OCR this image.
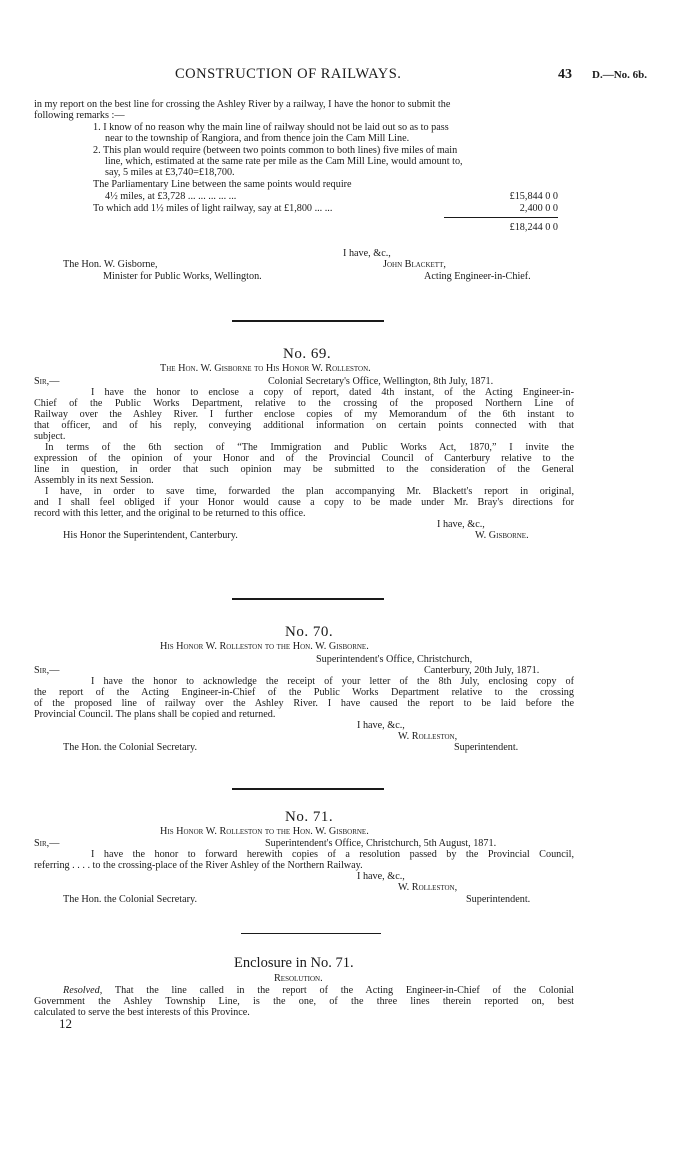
CONSTRUCTION OF RAILWAYS.	43 D.—No. 6b.
in my report on the best line for crossing the Ashley River by a railway, I have the honor to submit the
following remarks :—
1. I know of no reason why the main line of railway should not be laid out so as to pass
near to the township of Rangiora, and from thence join the Cam Mill Line.
2. This plan would require (between two points common to both lines) five miles of main
line, which, estimated at the same rate per mile as the Cam Mill Line, would amount to,
say, 5 miles at £3,740=£18,700.
The Parliamentary Line between the same points would require
4½ miles, at £3,728 ... ... ... ... ...	£15,844 0 0
To which add 1½ miles of light railway, say at £1,800 ... ...	2,400 0 0
£18,244 0 0
I have, &c.,
John Blackett,
Acting Engineer-in-Chief.
The Hon. W. Gisborne,
Minister for Public Works, Wellington.
No. 69.
The Hon. W. Gisborne to His Honor W. Rolleston.
Sir,—	Colonial Secretary's Office, Wellington, 8th July, 1871.
I have the honor to enclose a copy of report, dated 4th instant, of the Acting Engineer-in-
Chief of the Public Works Department, relative to the crossing of the proposed Northern Line of
Railway over the Ashley River. I further enclose copies of my Memorandum of the 6th instant to
that officer, and of his reply, conveying additional information on certain points connected with that
subject.
In terms of the 6th section of “The Immigration and Public Works Act, 1870,” I invite the
expression of the opinion of your Honor and of the Provincial Council of Canterbury relative to the
line in question, in order that such opinion may be submitted to the consideration of the General
Assembly in its next Session.
I have, in order to save time, forwarded the plan accompanying Mr. Blackett's report in original,
and I shall feel obliged if your Honor would cause a copy to be made under Mr. Bray's directions for
record with this letter, and the original to be returned to this office.
I have, &c.,
W. Gisborne.
His Honor the Superintendent, Canterbury.
No. 70.
His Honor W. Rolleston to the Hon. W. Gisborne.
Superintendent's Office, Christchurch,
Sir,—	Canterbury, 20th July, 1871.
I have the honor to acknowledge the receipt of your letter of the 8th July, enclosing copy of
the report of the Acting Engineer-in-Chief of the Public Works Department relative to the crossing
of the proposed line of railway over the Ashley River. I have caused the report to be laid before the
Provincial Council. The plans shall be copied and returned.
I have, &c.,
W. Rolleston,
Superintendent.
The Hon. the Colonial Secretary.
No. 71.
His Honor W. Rolleston to the Hon. W. Gisborne.
Sir,—	Superintendent's Office, Christchurch, 5th August, 1871.
I have the honor to forward herewith copies of a resolution passed by the Provincial Council,
referring . . . . to the crossing-place of the River Ashley of the Northern Railway.
I have, &c.,
W. Rolleston,
Superintendent.
The Hon. the Colonial Secretary.
Enclosure in No. 71.
Resolution.
Resolved, That the line called in the report of the Acting Engineer-in-Chief of the Colonial
Government the Ashley Township Line, is the one, of the three lines therein reported on, best
calculated to serve the best interests of this Province.
12
